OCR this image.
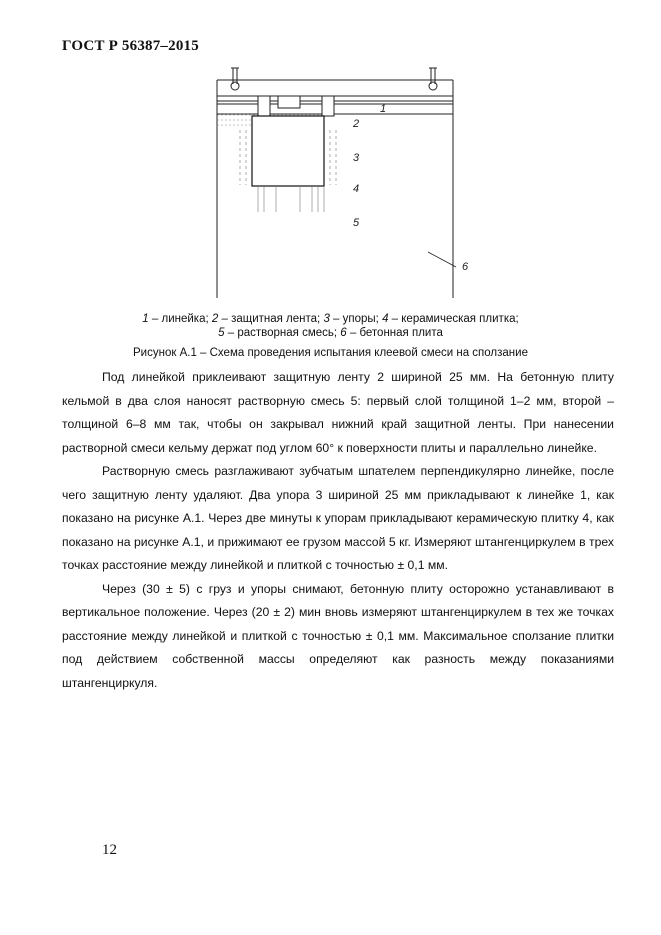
ГОСТ Р 56387–2015
1
2
3
4
5
6
1 – линейка; 2 – защитная лента; 3 – упоры; 4 – керамическая плитка;
5 – растворная смесь; 6 – бетонная плита
Рисунок А.1 – Схема проведения испытания клеевой смеси на сползание

Под линейкой приклеивают защитную ленту 2 шириной 25 мм. На бетонную плиту кельмой в два слоя наносят растворную смесь 5: первый слой толщиной 1–2 мм, второй – толщиной 6–8 мм так, чтобы он закрывал нижний край защитной ленты. При нанесении растворной смеси кельму держат под углом 60° к поверхности плиты и параллельно линейке.

Растворную смесь разглаживают зубчатым шпателем перпендикулярно линейке, после чего защитную ленту удаляют. Два упора 3 шириной 25 мм прикладывают к линейке 1, как показано на рисунке А.1. Через две минуты к упорам прикладывают керамическую плитку 4, как показано на рисунке А.1, и прижимают ее грузом массой 5 кг. Измеряют штангенциркулем в трех точках расстояние между линейкой и плиткой с точностью ± 0,1 мм.

Через (30 ± 5) с груз и упоры снимают, бетонную плиту осторожно устанавливают в вертикальное положение. Через (20 ± 2) мин вновь измеряют штангенциркулем в тех же точках расстояние между линейкой и плиткой с точностью ± 0,1 мм. Максимальное сползание плитки под действием собственной массы определяют как разность между показаниями штангенциркуля.

12
